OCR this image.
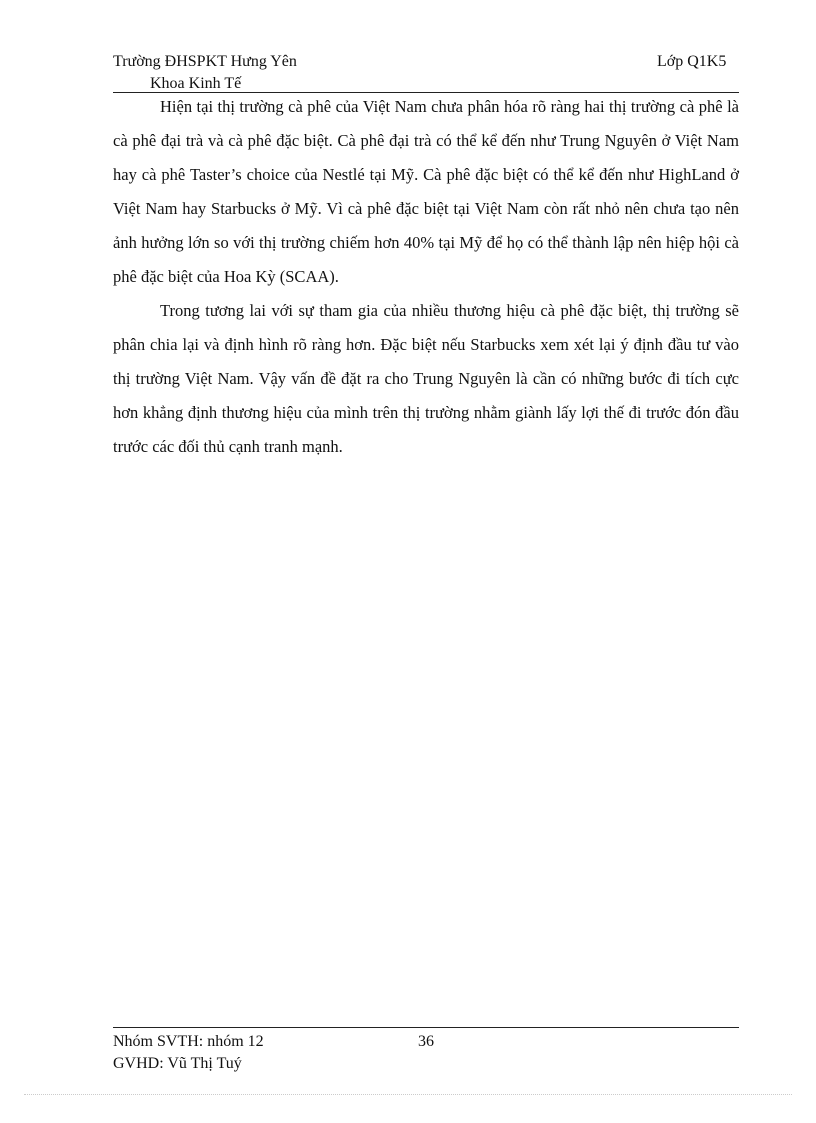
Trường ĐHSPKT Hưng Yên
Khoa Kinh Tế
Lớp Q1K5

Hiện tại thị trường cà phê của Việt Nam chưa phân hóa rõ ràng hai thị trường cà phê là cà phê đại trà và cà phê đặc biệt. Cà phê đại trà có thể kể đến như Trung Nguyên ở Việt Nam hay cà phê Taster’s choice của Nestlé tại Mỹ. Cà phê đặc biệt có thể kể đến như HighLand ở Việt Nam hay Starbucks ở Mỹ. Vì cà phê đặc biệt tại Việt Nam còn rất nhỏ nên chưa tạo nên ảnh hưởng lớn so với thị trường chiếm hơn 40% tại Mỹ để họ có thể thành lập nên hiệp hội cà phê đặc biệt của Hoa Kỳ (SCAA).

Trong tương lai với sự tham gia của nhiều thương hiệu cà phê đặc biệt, thị trường sẽ phân chia lại và định hình rõ ràng hơn. Đặc biệt nếu Starbucks xem xét lại ý định đầu tư vào thị trường Việt Nam. Vậy vấn đề đặt ra cho Trung Nguyên là cần có những bước đi tích cực hơn khẳng định thương hiệu của mình trên thị trường nhằm giành lấy lợi thế đi trước đón đầu trước các đối thủ cạnh tranh mạnh.

Nhóm SVTH: nhóm 12
GVHD: Vũ Thị Tuý
36
